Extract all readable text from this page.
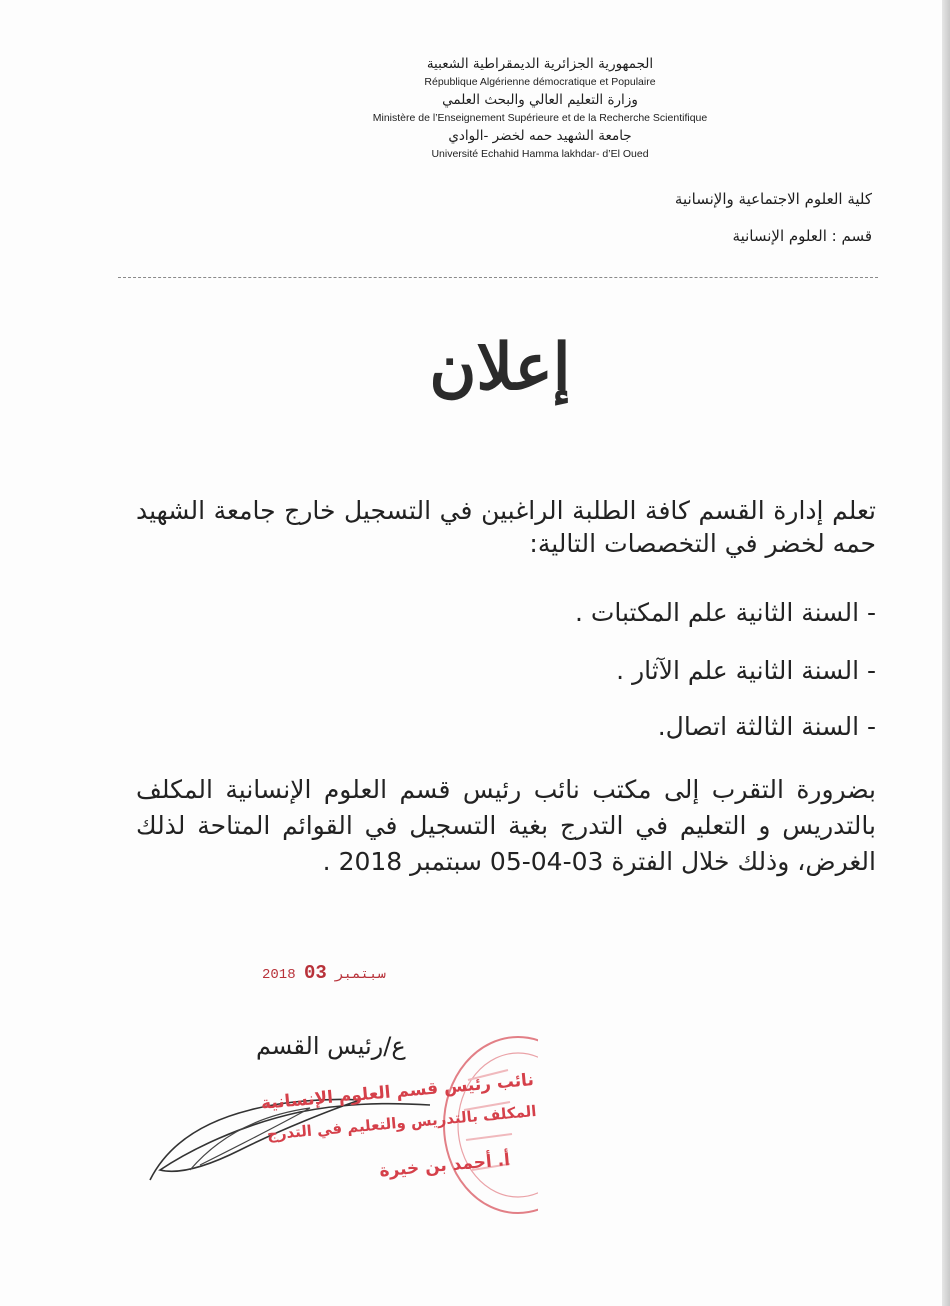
الجمهورية الجزائرية الديمقراطية الشعبية
République Algérienne démocratique et Populaire
وزارة التعليم العالي والبحث العلمي
Ministère de l’Enseignement Supérieure et de la Recherche Scientifique
جامعة الشهيد حمه لخضر -الوادي
Université Echahid Hamma lakhdar- d’El Oued
كلية العلوم الاجتماعية والإنسانية
قسم : العلوم الإنسانية
إعلان
تعلم إدارة القسم كافة الطلبة الراغبين في التسجيل خارج جامعة الشهيد حمه لخضر في التخصصات التالية:
- السنة الثانية علم المكتبات .
- السنة الثانية علم الآثار .
- السنة الثالثة اتصال.
بضرورة التقرب إلى مكتب نائب رئيس قسم العلوم الإنسانية المكلف بالتدريس و التعليم في التدرج بغية التسجيل في القوائم المتاحة لذلك الغرض، وذلك خلال الفترة 03-04-05 سبتمبر 2018 .
2018	سبتمبر 03
ع/رئيس القسم
نائب رئيس قسم العلوم الإنسانية
المكلف بالتدريس والتعليم في التدرج
أ. أحمد بن خيرة
